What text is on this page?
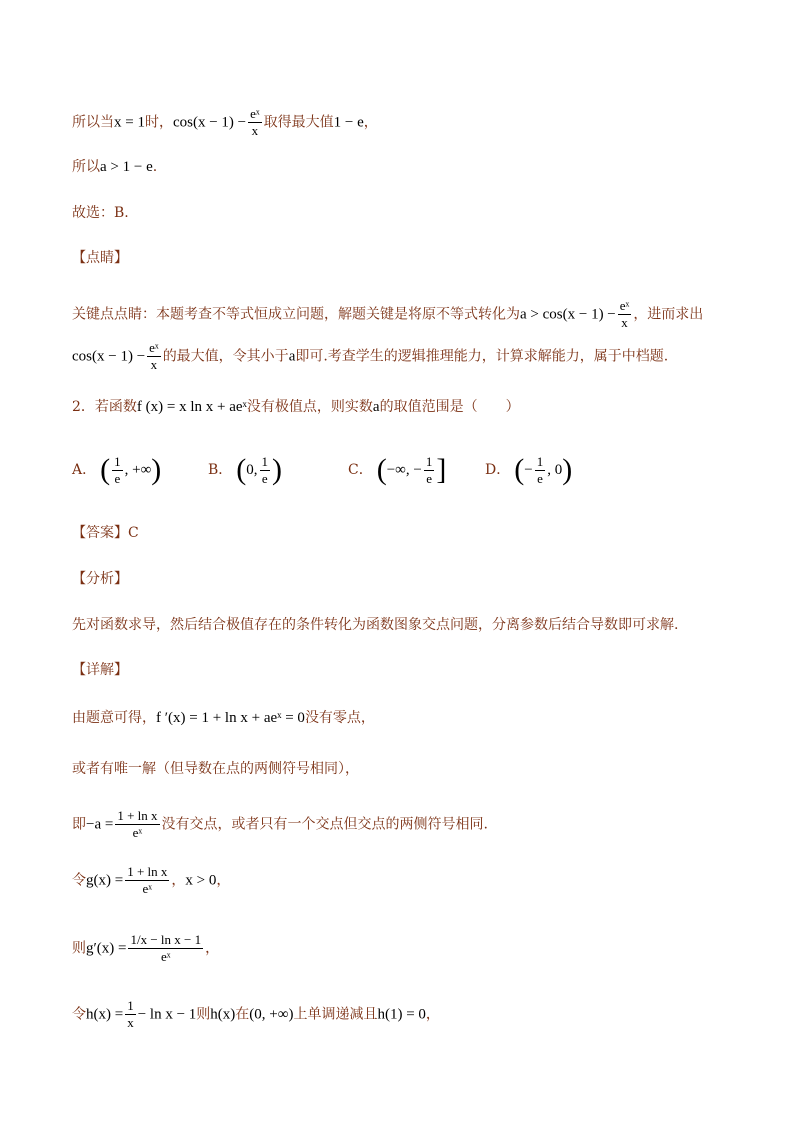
所以当x = 1时，$\cos(x - 1) - \frac{\text{eˣ}}{x}$ 取得最大值1 − e，
所以a > 1 − e.
故选：B.
【点睛】
关键点点睛：本题考查不等式恒成立问题，解题关键是将原不等式转化为$a > \cos(x - 1) - \frac{\text{eˣ}}{x}$ ，进而求出
$\cos(x - 1) - \frac{\text{eˣ}}{x}$ 的最大值，令其小于a即可.考查学生的逻辑推理能力，计算求解能力，属于中档题.
2．若函数f (x) = x ln x + aeˣ没有极值点，则实数a的取值范围是（　　）
A． ( $\frac{1}{e}$ , +∞)	B． (0, $\frac{1}{e}$ )	C． (−∞, − $\frac{1}{e}$ ]	D． (− $\frac{1}{e}$ , 0)
【答案】C
【分析】
先对函数求导，然后结合极值存在的条件转化为函数图象交点问题，分离参数后结合导数即可求解.
【详解】
由题意可得，f ′(x) = 1 + ln x + aeˣ = 0没有零点，
或者有唯一解（但导数在点的两侧符号相同），
即$-a = \frac{\text{1 + ln x}}{\text{eˣ}}$ 没有交点，或者只有一个交点但交点的两侧符号相同.
令$g(x) = \frac{\text{1 + ln x}}{\text{eˣ}}$ ，x > 0，
则$g'(x) = \frac{\text{1/x − ln x − 1}}{\text{eˣ}}$ ，
令$h(x) = \frac{1}{x} - \ln x - 1$则h(x)在(0, +∞)上单调递减且h(1) = 0，
